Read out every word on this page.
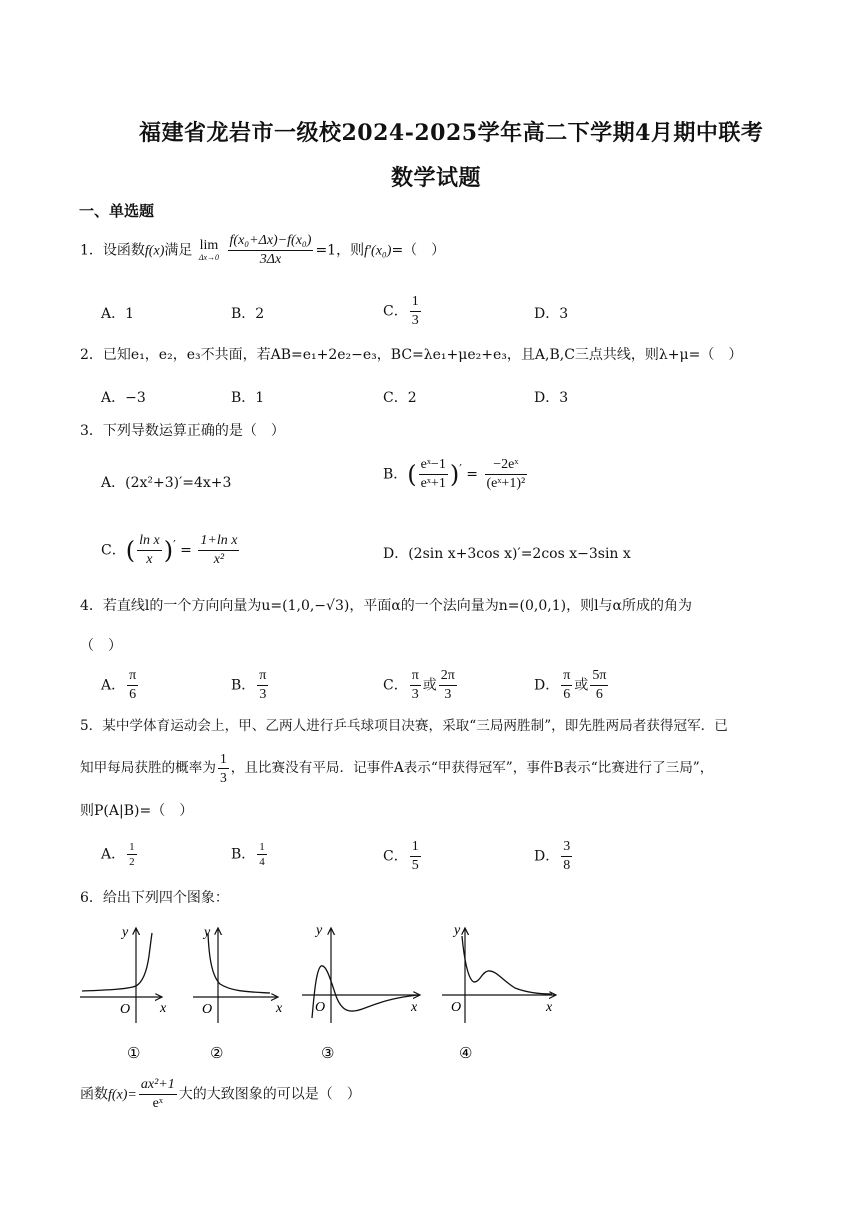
福建省龙岩市一级校2024-2025学年高二下学期4月期中联考
数学试题
一、单选题
1．设函数f(x)满足 lim
Δx→0
$\frac{\text{f(x₀+Δx)−f(x₀)}}{3\Delta x} =1$，则f′(x₀)=（　）
A．1	B．2	C． $\frac{1}{3}$	D．3
2．已知e₁，e₂，e₃不共面，若AB=e₁+2e₂−e₃，BC=λe₁+μe₂+e₃，且A,B,C三点共线，则λ+μ=（　）
A．−3	B．1	C．2	D．3
3．下列导数运算正确的是（　）
A．(2x²+3)′=4x+3
B．( $\frac{\text{eˣ−1}}{\text{eˣ+1}} )' = \frac{\text{−2eˣ}}{\text{(eˣ+1)²}}$
C．( $\frac{\text{ln x}}{x} )' = \frac{\text{1+ln x}}{\text{x²}}$	D．(2sin x+3cos x)′=2cos x−3sin x
4．若直线l的一个方向向量为u=(1,0,−√3)，平面α的一个法向量为n=(0,0,1)，则l与α所成的角为
（　）
A． $\frac{\pi}{6}$	B． $\frac{\pi}{3}$	C． $\frac{\pi}{3}$ 或 $\frac{2\pi}{3}$	D． $\frac{\pi}{6}$ 或 $\frac{5\pi}{6}$
5．某中学体育运动会上，甲、乙两人进行乒乓球项目决赛，采取“三局两胜制”，即先胜两局者获得冠军．已
知甲每局获胜的概率为 $\frac{1}{3}$ ，且比赛没有平局．记事件A表示“甲获得冠军”，事件B表示“比赛进行了三局”，
则P(A|B)=（　）
A． $\frac{1}{2}$	B． $\frac{1}{4}$	C． $\frac{1}{5}$	D． $\frac{3}{8}$
6．给出下列四个图象：
y
x
O
①
y
x
O
②
y
x
O
③
y
x
O
④
函数$f(x)= \frac{\text{ax²+1}}{\text{eˣ}}$ 大的大致图象的可以是（　）
